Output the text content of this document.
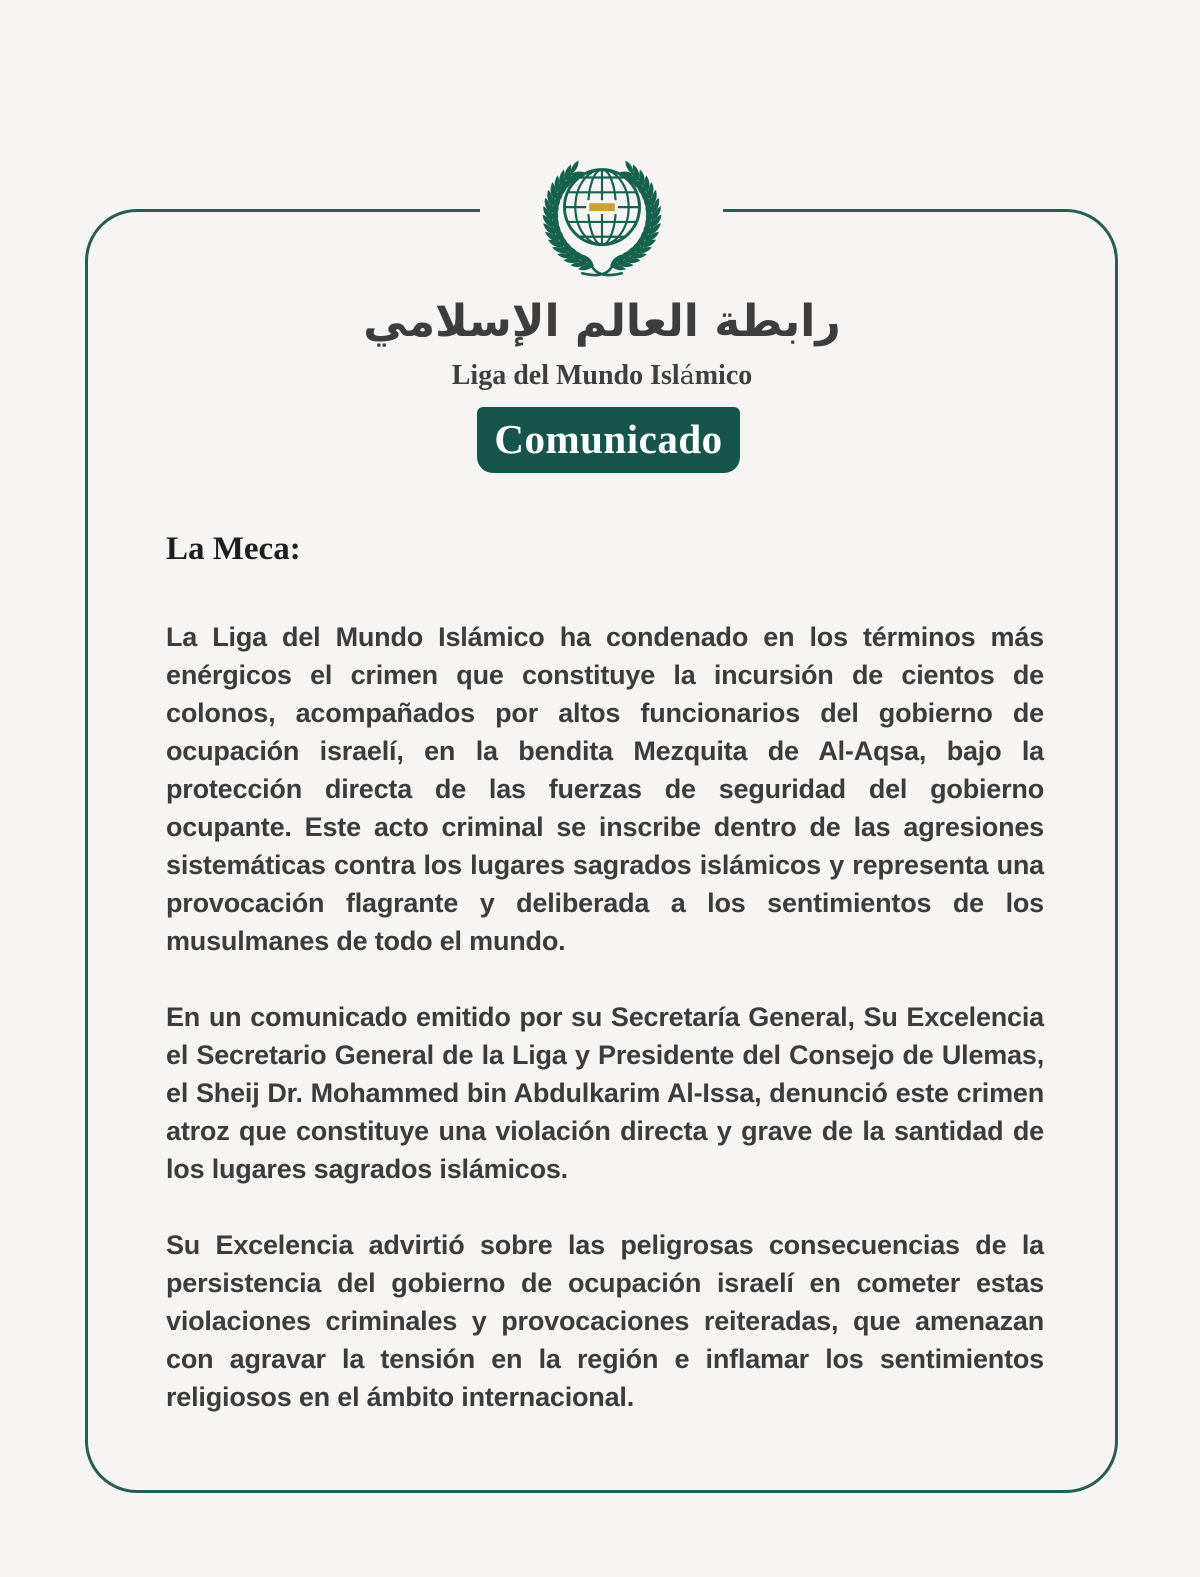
رابطة العالم الإسلامي
Liga del Mundo Islámico
Comunicado
La Meca:

La Liga del Mundo Islámico ha condenado en los términos más enérgicos el crimen que constituye la incursión de cientos de colonos, acompañados por altos funcionarios del gobierno de ocupación israelí, en la bendita Mezquita de Al-Aqsa, bajo la protección directa de las fuerzas de seguridad del gobierno ocupante. Este acto criminal se inscribe dentro de las agresiones sistemáticas contra los lugares sagrados islámicos y representa una provocación flagrante y deliberada a los sentimientos de los musulmanes de todo el mundo.

En un comunicado emitido por su Secretaría General, Su Excelencia el Secretario General de la Liga y Presidente del Consejo de Ulemas, el Sheij Dr. Mohammed bin Abdulkarim Al-Issa, denunció este crimen atroz que constituye una violación directa y grave de la santidad de los lugares sagrados islámicos.

Su Excelencia advirtió sobre las peligrosas consecuencias de la persistencia del gobierno de ocupación israelí en cometer estas violaciones criminales y provocaciones reiteradas, que amenazan con agravar la tensión en la región e inflamar los sentimientos religiosos en el ámbito internacional.
